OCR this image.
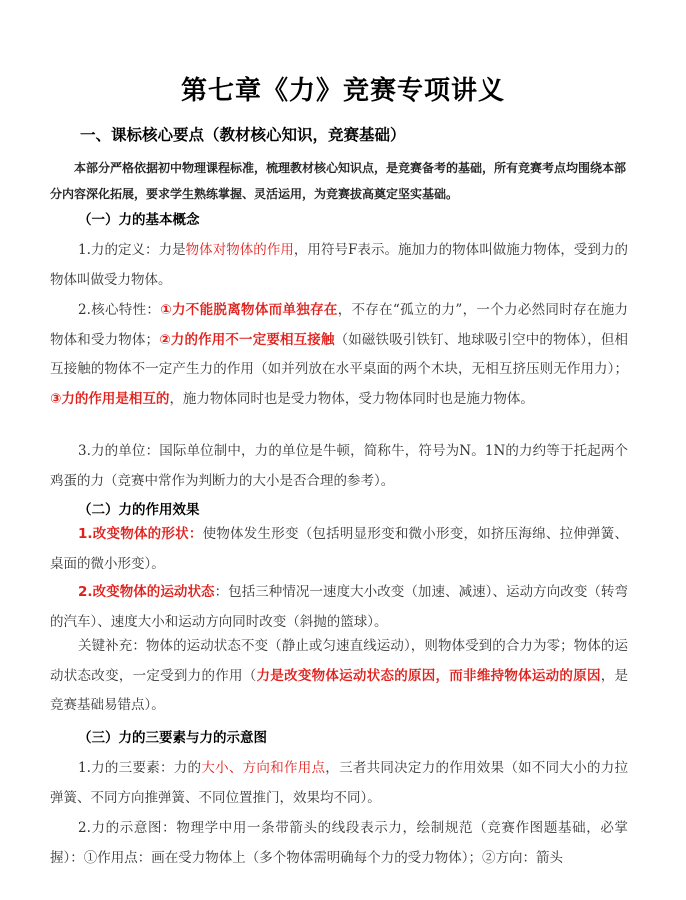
第七章《力》竞赛专项讲义
一、课标核心要点（教材核心知识，竞赛基础）
本部分严格依据初中物理课程标准，梳理教材核心知识点，是竞赛备考的基础，所有竞赛考点均围绕本部分内容深化拓展，要求学生熟练掌握、灵活运用，为竞赛拔高奠定坚实基础。
（一）力的基本概念
1.力的定义：力是物体对物体的作用，用符号F表示。施加力的物体叫做施力物体，受到力的物体叫做受力物体。
2.核心特性：①力不能脱离物体而单独存在，不存在“孤立的力”，一个力必然同时存在施力物体和受力物体；②力的作用不一定要相互接触（如磁铁吸引铁钉、地球吸引空中的物体），但相互接触的物体不一定产生力的作用（如并列放在水平桌面的两个木块，无相互挤压则无作用力）；③力的作用是相互的，施力物体同时也是受力物体，受力物体同时也是施力物体。
3.力的单位：国际单位制中，力的单位是牛顿，简称牛，符号为N。1N的力约等于托起两个鸡蛋的力（竞赛中常作为判断力的大小是否合理的参考）。
（二）力的作用效果
1.改变物体的形状：使物体发生形变（包括明显形变和微小形变，如挤压海绵、拉伸弹簧、桌面的微小形变）。
2.改变物体的运动状态：包括三种情况一速度大小改变（加速、减速）、运动方向改变（转弯的汽车）、速度大小和运动方向同时改变（斜抛的篮球）。
关键补充：物体的运动状态不变（静止或匀速直线运动），则物体受到的合力为零；物体的运动状态改变，一定受到力的作用（力是改变物体运动状态的原因，而非维持物体运动的原因，是竞赛基础易错点）。
（三）力的三要素与力的示意图
1.力的三要素：力的大小、方向和作用点，三者共同决定力的作用效果（如不同大小的力拉弹簧、不同方向推弹簧、不同位置推门，效果均不同）。
2.力的示意图：物理学中用一条带箭头的线段表示力，绘制规范（竞赛作图题基础，必掌握）：①作用点：画在受力物体上（多个物体需明确每个力的受力物体）；②方向：箭头
